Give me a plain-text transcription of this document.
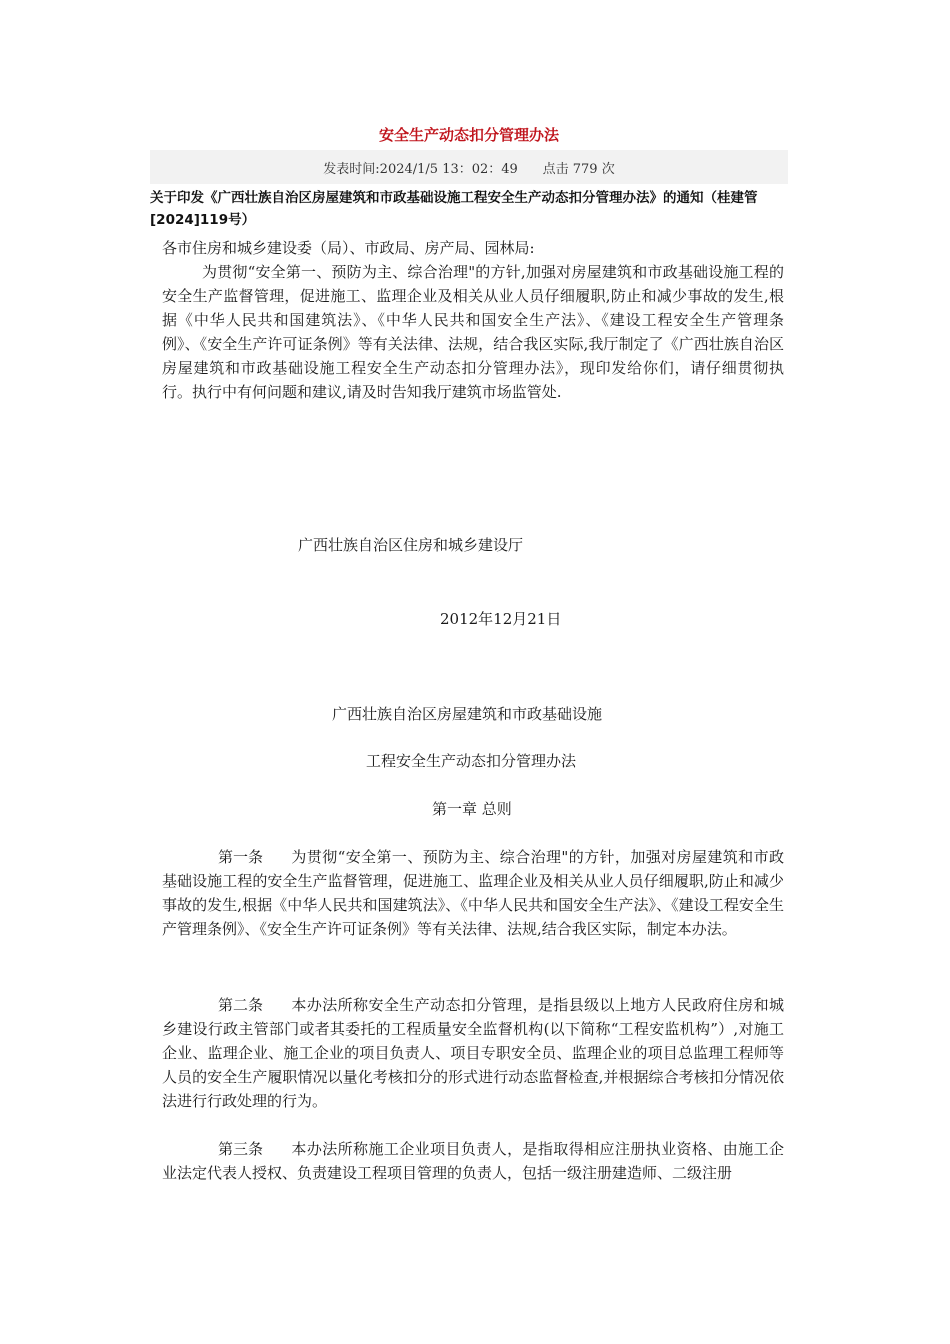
安全生产动态扣分管理办法
发表时间:2024/1/5 13：02：49
点击 779 次
关于印发《广西壮族自治区房屋建筑和市政基础设施工程安全生产动态扣分管理办法》的通知（桂建管[2024]119号）
各市住房和城乡建设委（局）、市政局、房产局、园林局:
为贯彻“安全第一、预防为主、综合治理"的方针,加强对房屋建筑和市政基础设施工程的安全生产监督管理，促进施工、监理企业及相关从业人员仔细履职,防止和减少事故的发生,根据《中华人民共和国建筑法》、《中华人民共和国安全生产法》、《建设工程安全生产管理条例》、《安全生产许可证条例》等有关法律、法规，结合我区实际,我厅制定了《广西壮族自治区房屋建筑和市政基础设施工程安全生产动态扣分管理办法》，现印发给你们，请仔细贯彻执行。执行中有何问题和建议,请及时告知我厅建筑市场监管处.
广西壮族自治区住房和城乡建设厅
2012年12月21日
广西壮族自治区房屋建筑和市政基础设施
工程安全生产动态扣分管理办法
第一章 总则
第一条 为贯彻“安全第一、预防为主、综合治理"的方针，加强对房屋建筑和市政基础设施工程的安全生产监督管理，促进施工、监理企业及相关从业人员仔细履职,防止和减少事故的发生,根据《中华人民共和国建筑法》、《中华人民共和国安全生产法》、《建设工程安全生产管理条例》、《安全生产许可证条例》等有关法律、法规,结合我区实际，制定本办法。
第二条 本办法所称安全生产动态扣分管理，是指县级以上地方人民政府住房和城乡建设行政主管部门或者其委托的工程质量安全监督机构(以下简称“工程安监机构”）,对施工企业、监理企业、施工企业的项目负责人、项目专职安全员、监理企业的项目总监理工程师等人员的安全生产履职情况以量化考核扣分的形式进行动态监督检查,并根据综合考核扣分情况依法进行行政处理的行为。
第三条 本办法所称施工企业项目负责人，是指取得相应注册执业资格、由施工企业法定代表人授权、负责建设工程项目管理的负责人，包括一级注册建造师、二级注册
